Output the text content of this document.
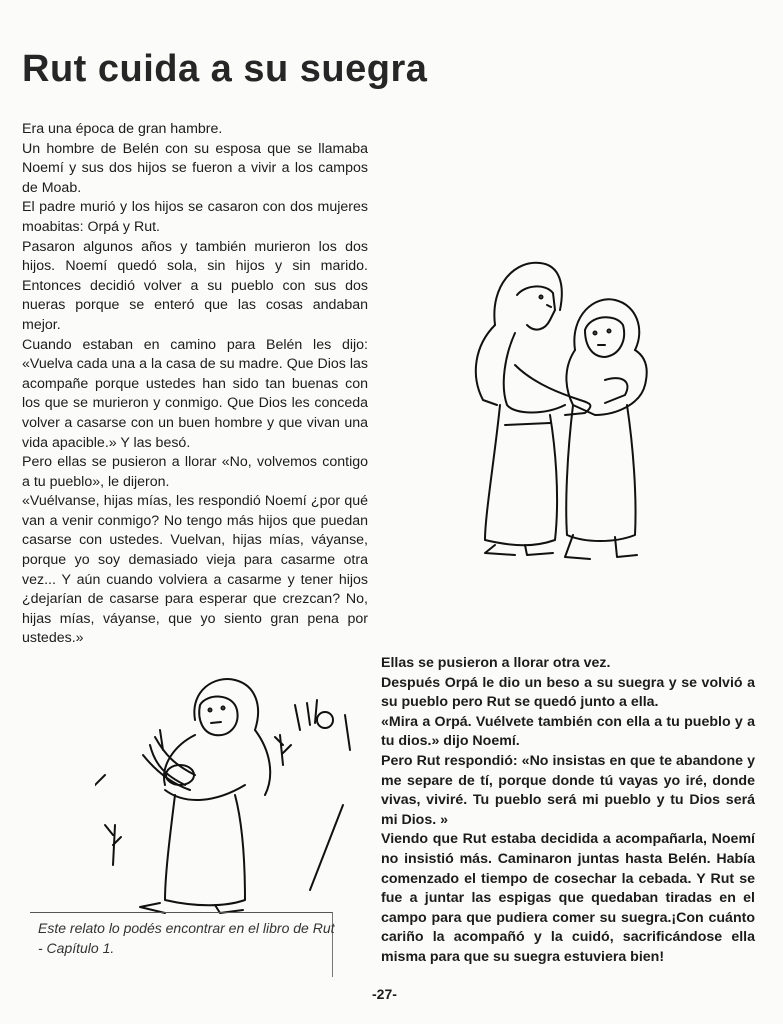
Rut cuida a su suegra

Era una época de gran hambre.

Un hombre de Belén con su esposa que se llamaba Noemí y sus dos hijos se fueron a vivir a los campos de Moab.

El padre murió y los hijos se casaron con dos mujeres moabitas: Orpá y Rut.

Pasaron algunos años y también murieron los dos hijos. Noemí quedó sola, sin hijos y sin marido. Entonces decidió volver a su pueblo con sus dos nueras porque se enteró que las cosas andaban mejor.

Cuando estaban en camino para Belén les dijo: «Vuelva cada una a la casa de su madre. Que Dios las acompañe porque ustedes han sido tan buenas con los que se murieron y conmigo. Que Dios les conceda volver a casarse con un buen hombre y que vivan una vida apacible.» Y las besó.

Pero ellas se pusieron a llorar «No, volvemos contigo a tu pueblo», le dijeron.

«Vuélvanse, hijas mías, les respondió Noemí ¿por qué van a venir conmigo? No tengo más hijos que puedan casarse con ustedes. Vuelvan, hijas mías, váyanse, porque yo soy demasiado vieja para casarme otra vez... Y aún cuando volviera a casarme y tener hijos ¿dejarían de casarse para esperar que crezcan? No, hijas mías, váyanse, que yo siento gran pena por ustedes.»

Ellas se pusieron a llorar otra vez.

Después Orpá le dio un beso a su suegra y se volvió a su pueblo pero Rut se quedó junto a ella.

«Mira a Orpá. Vuélvete también con ella a tu pueblo y a tu dios.» dijo Noemí.

Pero Rut respondió: «No insistas en que te abandone y me separe de tí, porque donde tú vayas yo iré, donde vivas, viviré. Tu pueblo será mi pueblo y tu Dios será mi Dios. »

Viendo que Rut estaba decidida a acompañarla, Noemí no insistió más. Caminaron juntas hasta Belén. Había comenzado el tiempo de cosechar la cebada. Y Rut se fue a juntar las espigas que quedaban tiradas en el campo para que pudiera comer su suegra.¡Con cuánto cariño la acompañó y la cuidó, sacrificándose ella misma para que su suegra estuviera bien!

Este relato lo podés encontrar en el libro de Rut - Capítulo 1.
-27-
